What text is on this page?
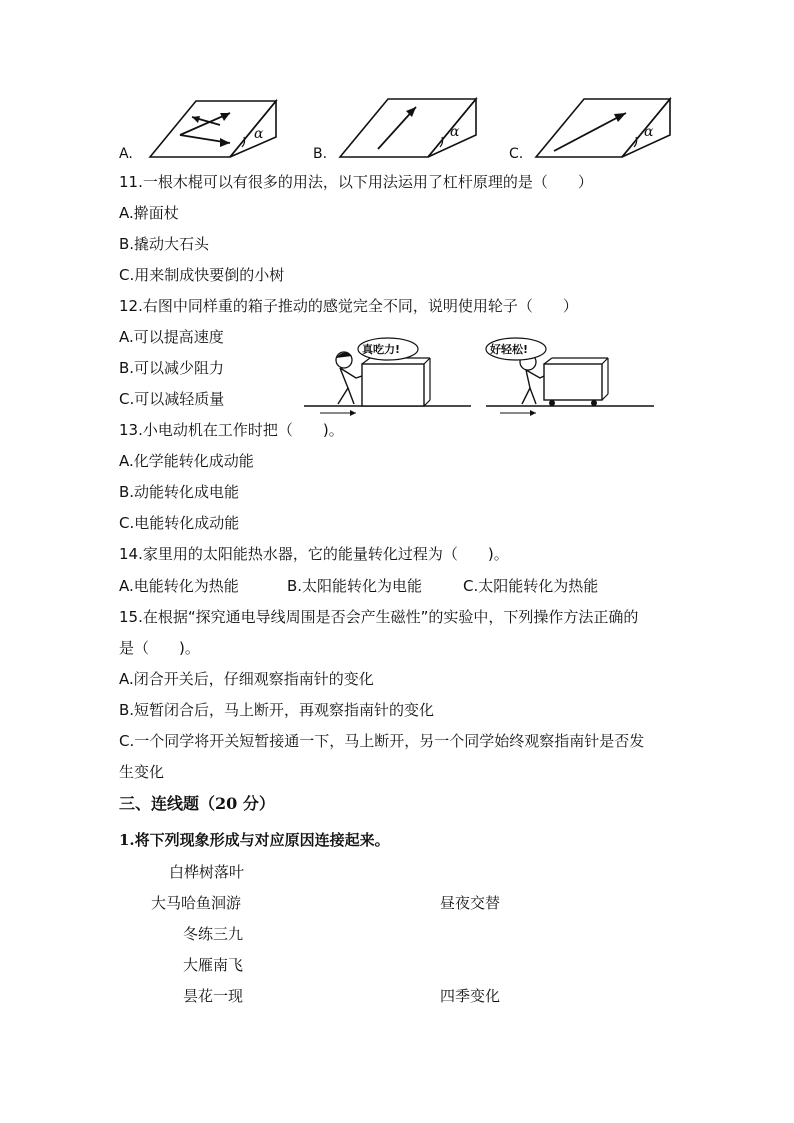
A.
α
B.
α
C.
α
11.一根木棍可以有很多的用法，以下用法运用了杠杆原理的是（　　）
A.擀面杖
B.撬动大石头
C.用来制成快要倒的小树
12.右图中同样重的箱子推动的感觉完全不同，说明使用轮子（　　）
A.可以提高速度
B.可以减少阻力
C.可以减轻质量
真吃力!	好轻松!
13.小电动机在工作时把（　　)。
A.化学能转化成动能
B.动能转化成电能
C.电能转化成动能
14.家里用的太阳能热水器，它的能量转化过程为（　　)。
A.电能转化为热能	B.太阳能转化为电能	C.太阳能转化为热能
15.在根据“探究通电导线周围是否会产生磁性”的实验中，下列操作方法正确的
是（　　)。
A.闭合开关后，仔细观察指南针的变化
B.短暂闭合后，马上断开，再观察指南针的变化
C.一个同学将开关短暂接通一下，马上断开，另一个同学始终观察指南针是否发
生变化
三、连线题（20 分）
1.将下列现象形成与对应原因连接起来。
白桦树落叶
大马哈鱼洄游
冬练三九
大雁南飞
昙花一现
昼夜交替
四季变化
